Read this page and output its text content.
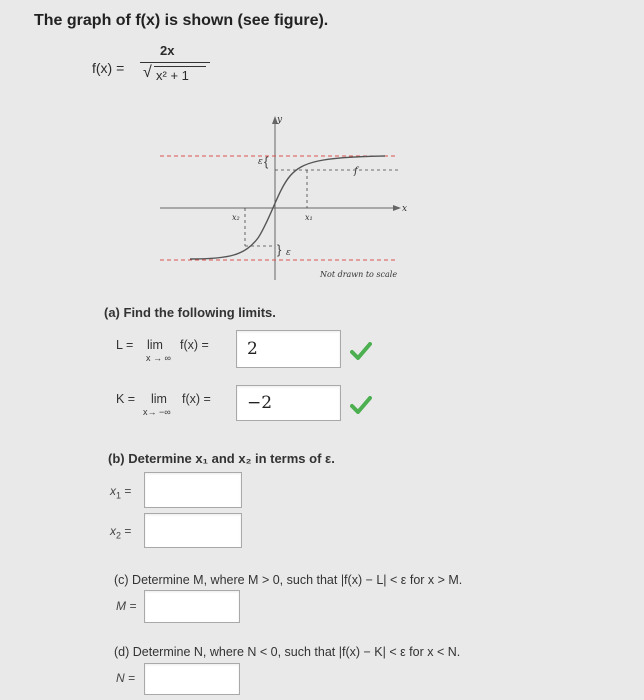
The graph of f(x) is shown (see figure).
f(x) =
2x
√ x² + 1
y
x
ε {
ε
}
f
x₁
x₂
Not drawn to scale
(a) Find the following limits.
L = lim
x → ∞
f(x) =	2
K = lim
x→ −∞
f(x) =	−2
(b) Determine x₁ and x₂ in terms of ε.
$x_1$ =
$x_2$ =
(c) Determine M, where M > 0, such that |f(x) − L| < ε for x > M.
M =
(d) Determine N, where N < 0, such that |f(x) − K| < ε for x < N.
N =
